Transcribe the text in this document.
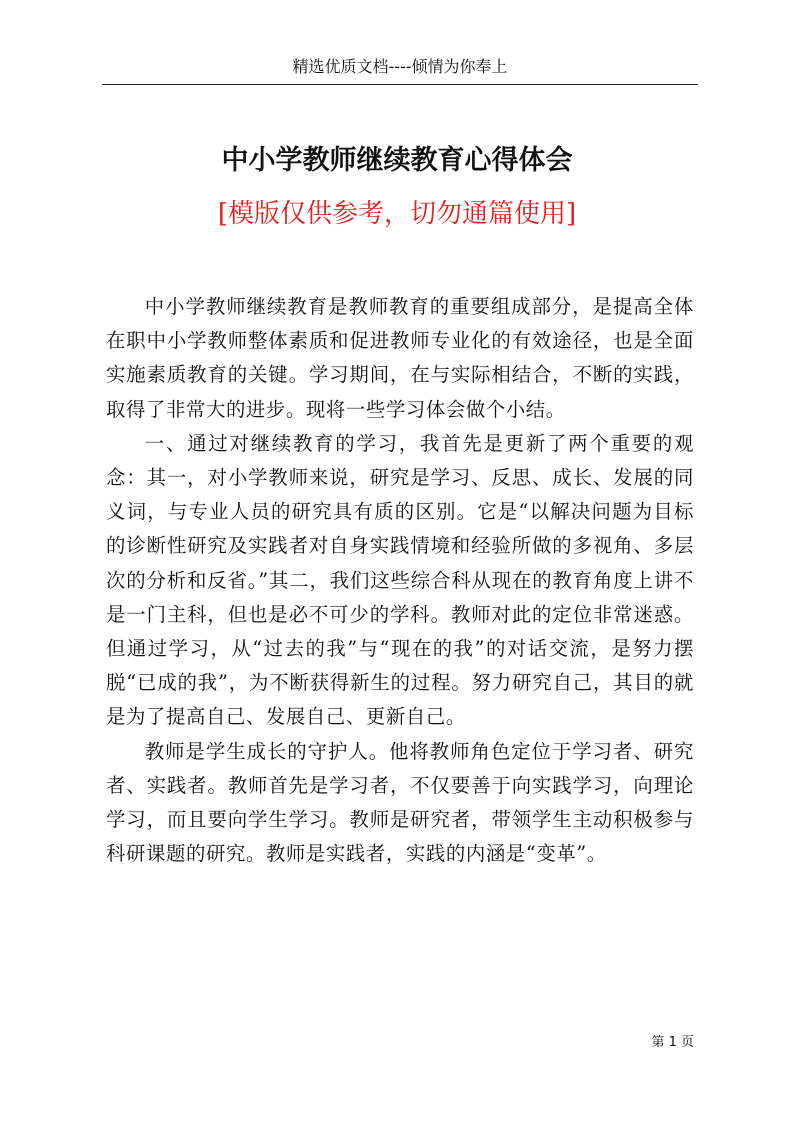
精选优质文档----倾情为你奉上
中小学教师继续教育心得体会
[模版仅供参考，切勿通篇使用]

中小学教师继续教育是教师教育的重要组成部分，是提高全体在职中小学教师整体素质和促进教师专业化的有效途径，也是全面实施素质教育的关键。学习期间，在与实际相结合，不断的实践，取得了非常大的进步。现将一些学习体会做个小结。

一、通过对继续教育的学习，我首先是更新了两个重要的观念：其一，对小学教师来说，研究是学习、反思、成长、发展的同义词，与专业人员的研究具有质的区别。它是“以解决问题为目标的诊断性研究及实践者对自身实践情境和经验所做的多视角、多层次的分析和反省。”其二，我们这些综合科从现在的教育角度上讲不是一门主科，但也是必不可少的学科。教师对此的定位非常迷惑。但通过学习，从“过去的我”与“现在的我”的对话交流，是努力摆脱“已成的我”，为不断获得新生的过程。努力研究自己，其目的就是为了提高自己、发展自己、更新自己。

教师是学生成长的守护人。他将教师角色定位于学习者、研究者、实践者。教师首先是学习者，不仅要善于向实践学习，向理论学习，而且要向学生学习。教师是研究者，带领学生主动积极参与科研课题的研究。教师是实践者，实践的内涵是“变革”。

第 1 页
